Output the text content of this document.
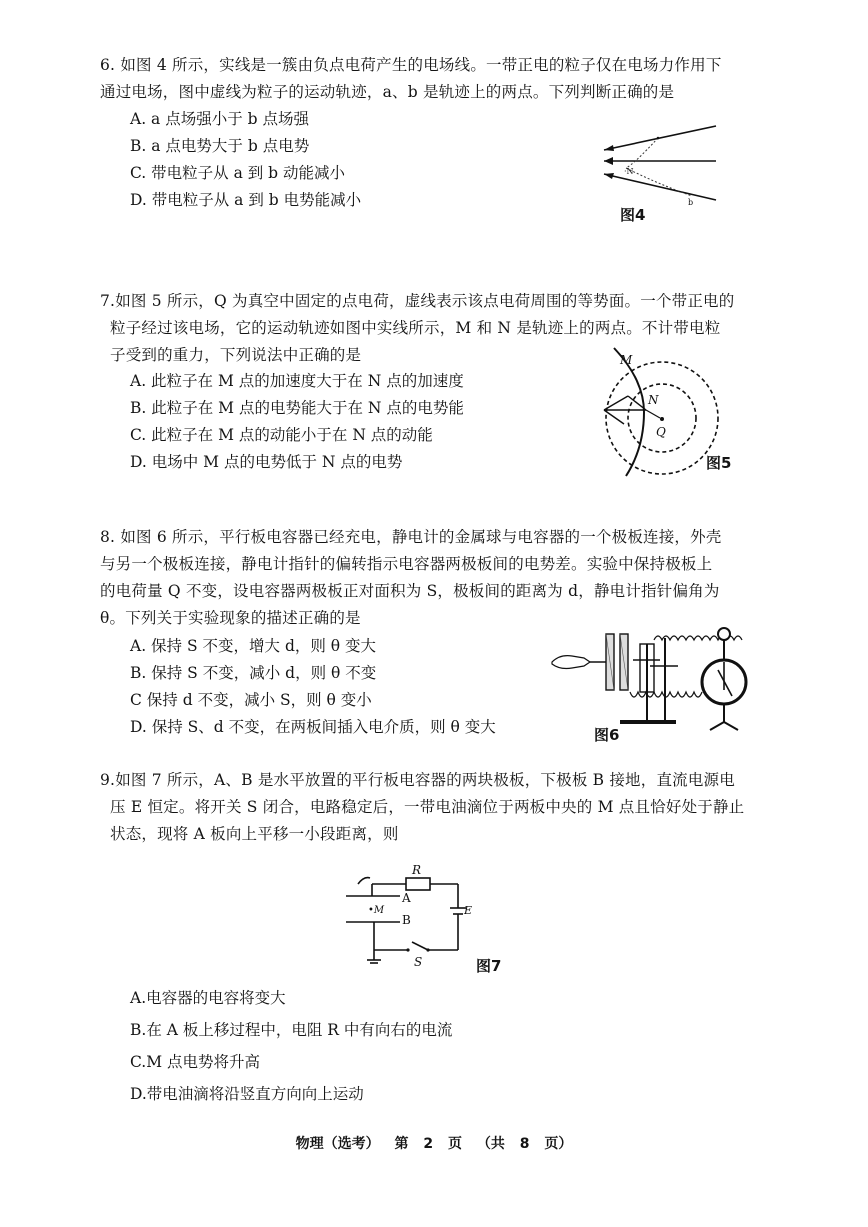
6. 如图 4 所示，实线是一簇由负点电荷产生的电场线。一带正电的粒子仅在电场力作用下
通过电场，图中虚线为粒子的运动轨迹，a、b 是轨迹上的两点。下列判断正确的是
A. a 点场强小于 b 点场强
B. a 点电势大于 b 点电势
C. 带电粒子从 a 到 b 动能减小
D. 带电粒子从 a 到 b 电势能减小
·N
b
图4
7.如图 5 所示，Q 为真空中固定的点电荷，虚线表示该点电荷周围的等势面。一个带正电的
粒子经过该电场，它的运动轨迹如图中实线所示，M 和 N 是轨迹上的两点。不计带电粒
子受到的重力，下列说法中正确的是
A. 此粒子在 M 点的加速度大于在 N 点的加速度
B. 此粒子在 M 点的电势能大于在 N 点的电势能
C. 此粒子在 M 点的动能小于在 N 点的动能
D. 电场中 M 点的电势低于 N 点的电势
M
N
Q
图5
8. 如图 6 所示，平行板电容器已经充电，静电计的金属球与电容器的一个极板连接，外壳
与另一个极板连接，静电计指针的偏转指示电容器两极板间的电势差。实验中保持极板上
的电荷量 Q 不变，设电容器两极板正对面积为 S，极板间的距离为 d，静电计指针偏角为
θ。下列关于实验现象的描述正确的是
A. 保持 S 不变，增大 d，则 θ 变大
B. 保持 S 不变，减小 d，则 θ 不变
C 保持 d 不变，减小 S，则 θ 变小
D. 保持 S、d 不变，在两板间插入电介质，则 θ 变大	图6
9.如图 7 所示，A、B 是水平放置的平行板电容器的两块极板，下极板 B 接地，直流电源电
压 E 恒定。将开关 S 闭合，电路稳定后，一带电油滴位于两板中央的 M 点且恰好处于静止
状态，现将 A 板向上平移一小段距离，则
R
A
•M
B
E
S	图7
A.电容器的电容将变大
B.在 A 板上移过程中，电阻 R 中有向右的电流
C.M 点电势将升高
D.带电油滴将沿竖直方向向上运动
物理（选考） 第 2 页 （共 8 页）
